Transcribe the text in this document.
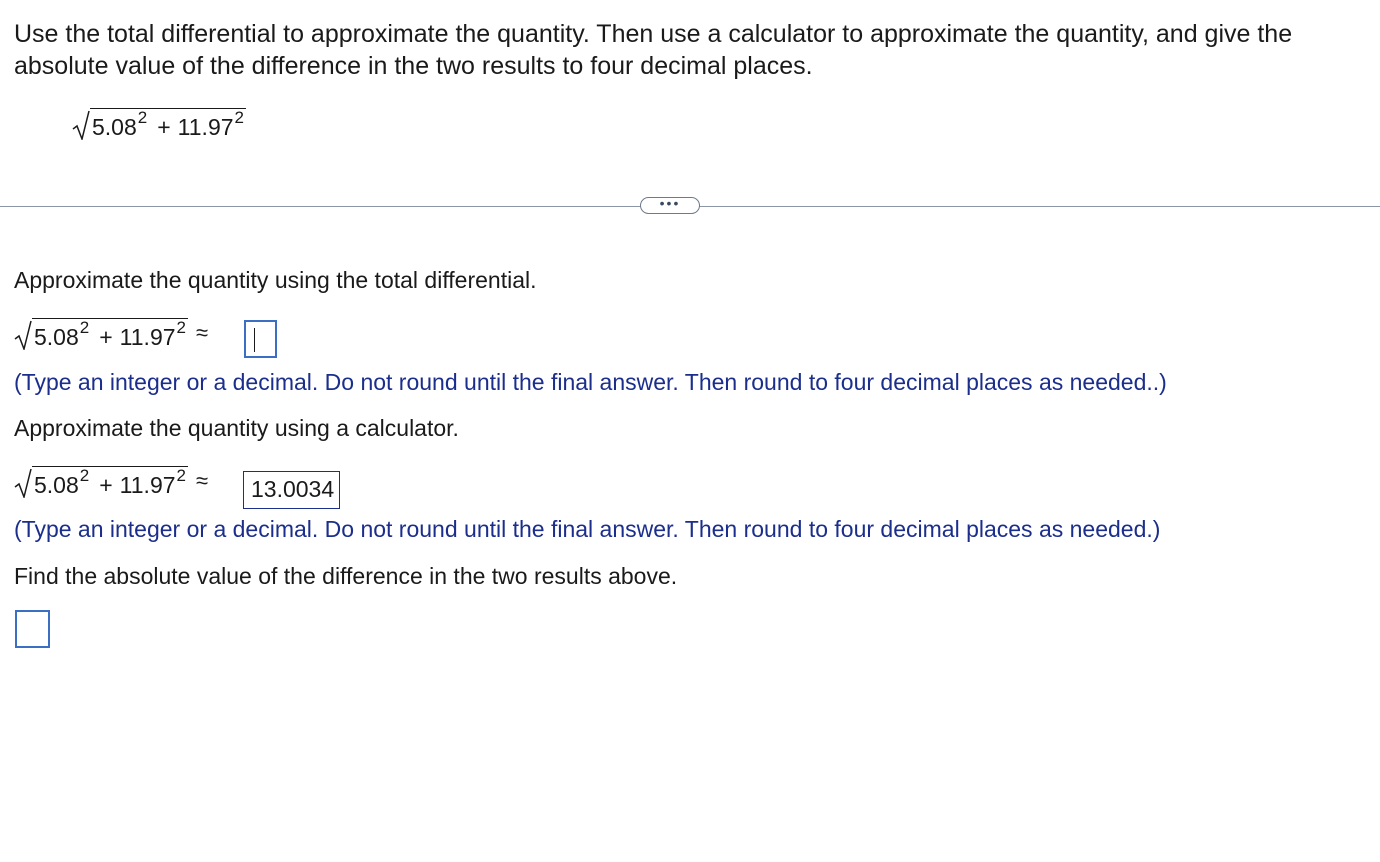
Use the total differential to approximate the quantity. Then use a calculator to approximate the quantity, and give the absolute value of the difference in the two results to four decimal places.
5.08 2 + 11.97 2
•••
Approximate the quantity using the total differential.
5.08 2 + 11.97 2 ≈
(Type an integer or a decimal. Do not round until the final answer. Then round to four decimal places as needed..)
Approximate the quantity using a calculator.
5.08 2 + 11.97 2 ≈	13.0034
(Type an integer or a decimal. Do not round until the final answer. Then round to four decimal places as needed.)
Find the absolute value of the difference in the two results above.
